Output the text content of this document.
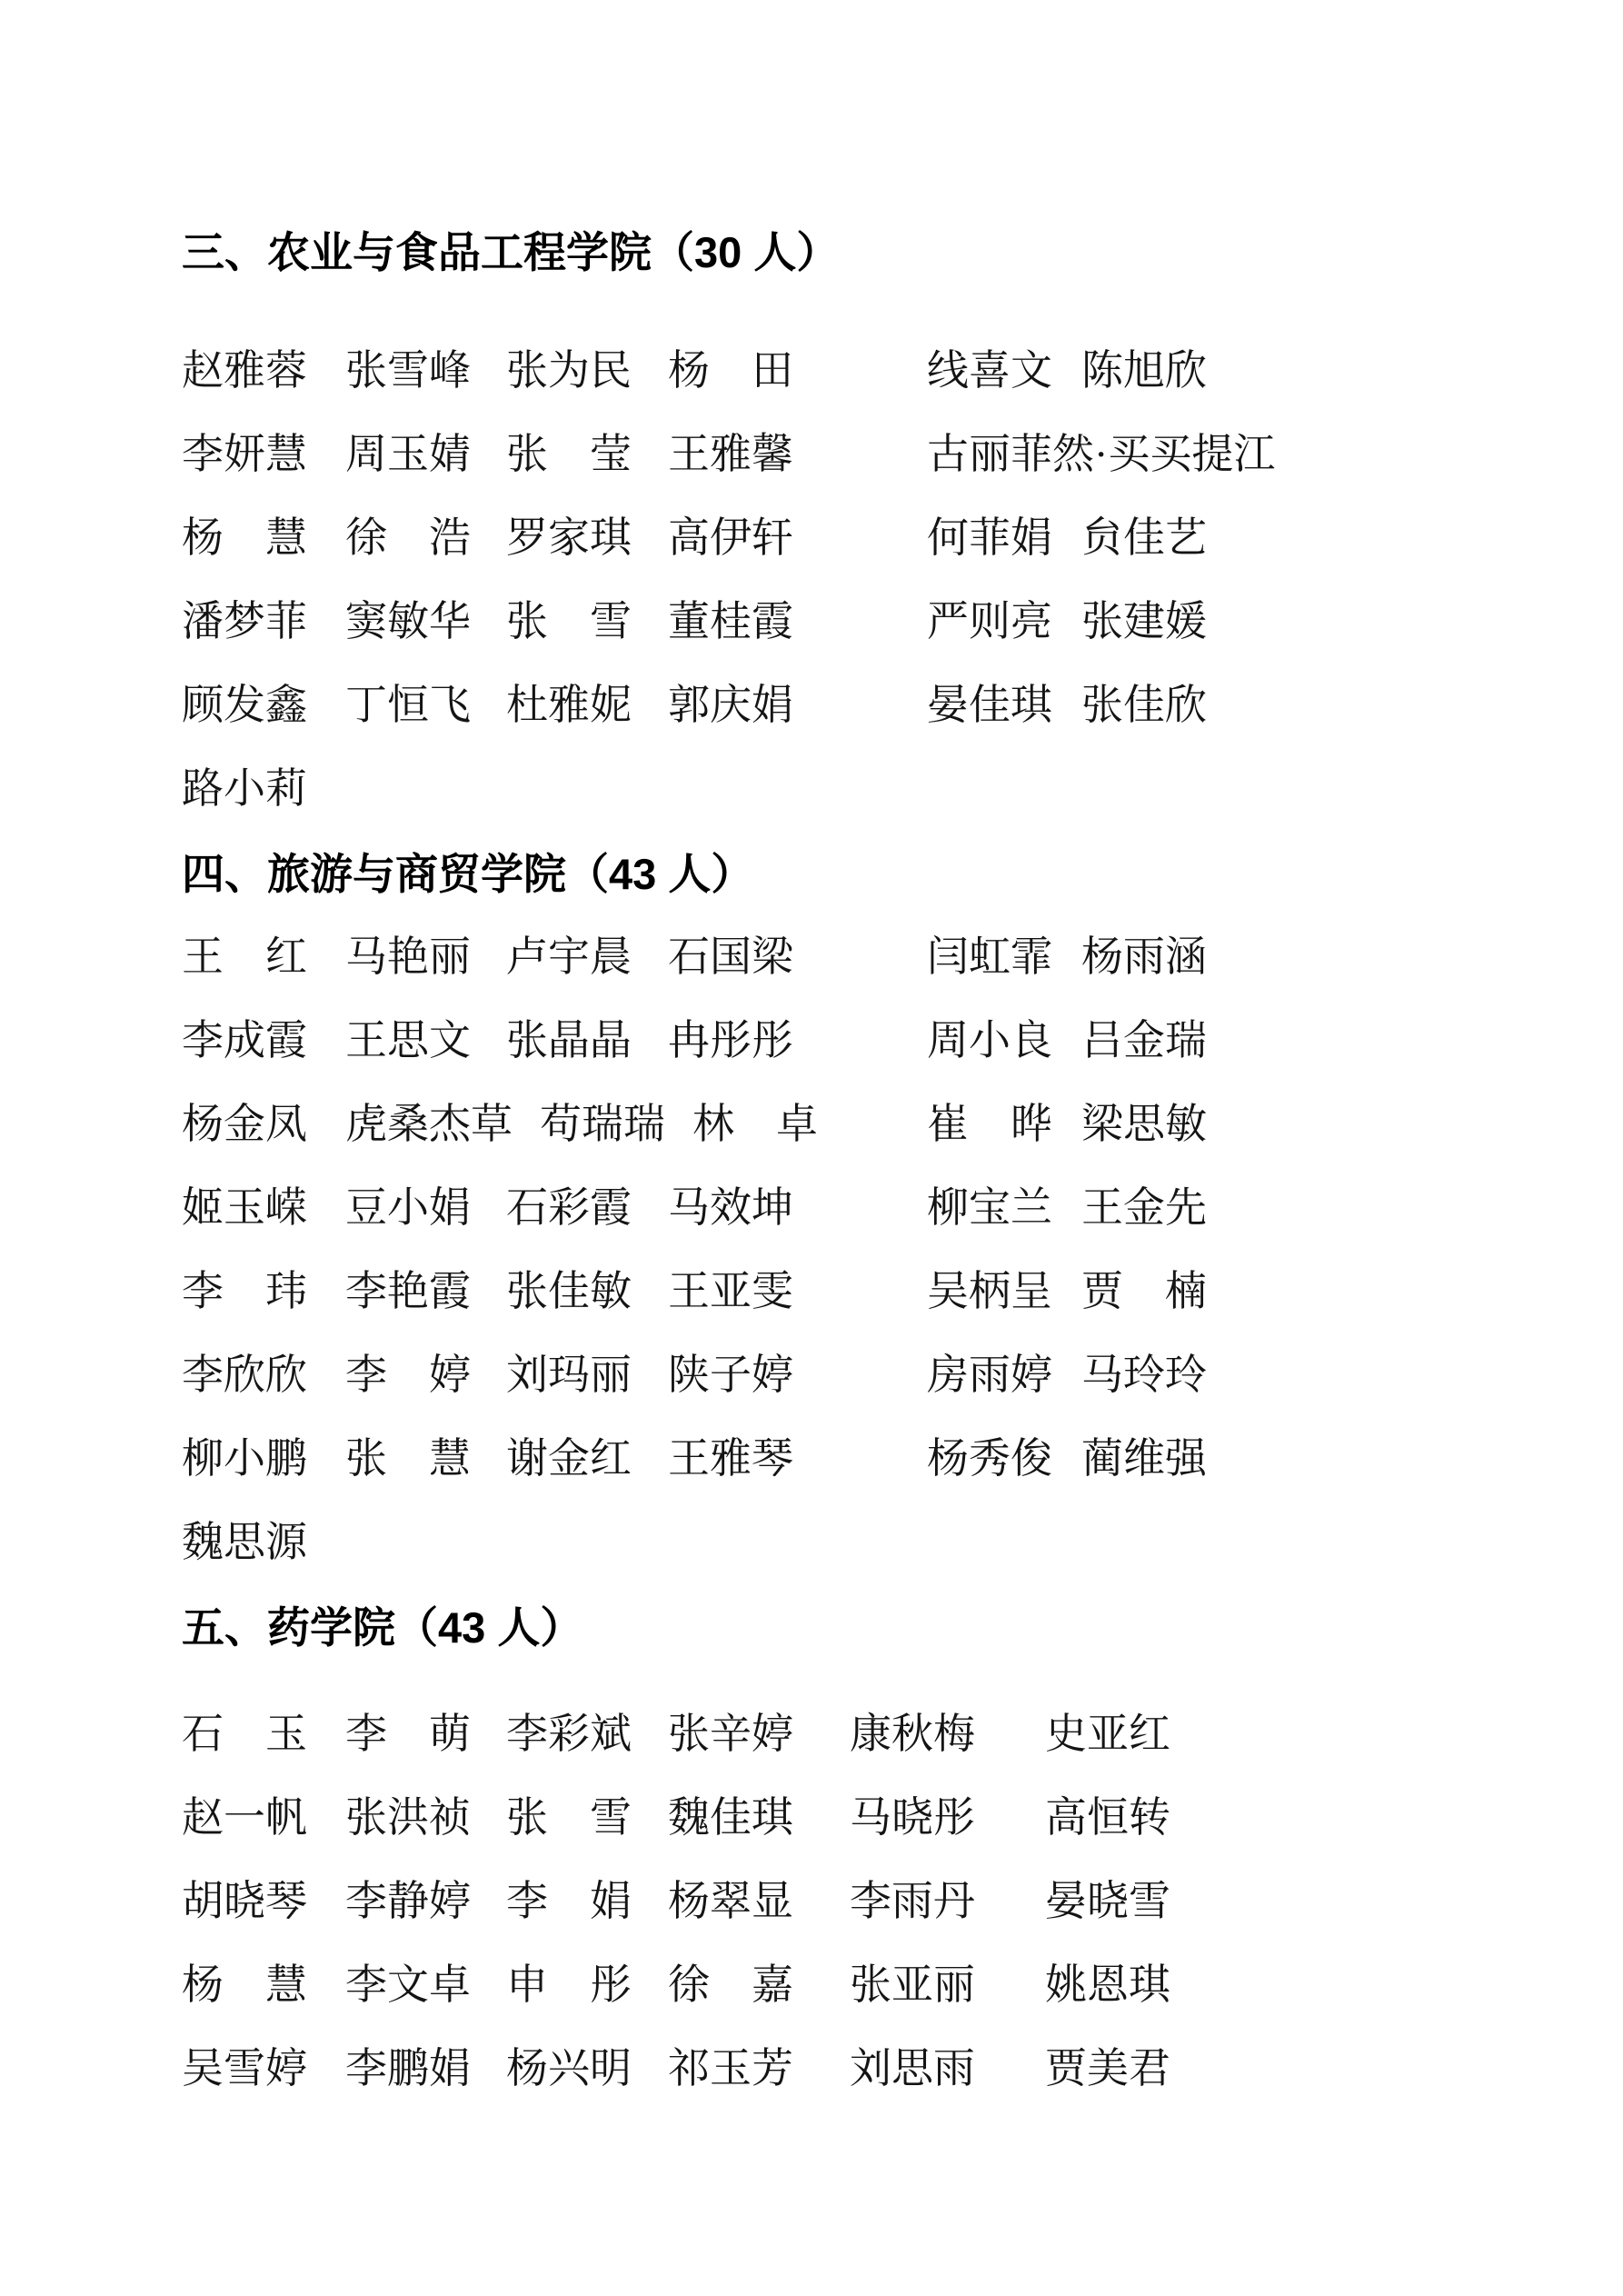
三、农业与食品工程学院（30 人）
赵雅蓉 张雪峰 张为民 杨　田	线喜文 陈旭欣
李妍慧 周玉婧 张　莹 王雅馨	古丽菲然·买买提江
杨　慧 徐　浩 罗家琪 高伊轩	何菲娟 贠佳艺
潘梦菲 窦敏华 张　雪 董桂霞	严则亮 张建媛
顾发鑫 丁恒飞 杜雅妮 郭庆娟	晏佳琪 张佳欣
路小莉
四、旅游与商贸学院（43 人）
王　红 马艳丽 卢宇晨 石国梁	闫虹霏 杨雨涵
李成霞 王思文 张晶晶 冉彤彤	周小良 吕金瑞
杨金凤 虎桑杰草 苟瑞瑞 林　卓	崔　晔 梁思敏
姬玉嵘 豆小娟 石彩霞 马效坤	柳宝兰 王金先
李　玮 李艳霞 张佳敏 王亚雯	吴柄呈 贾　楠
李欣欣 李　婷 刘玛丽 陕子婷	房雨婷 马玲玲
柳小鹏 张　慧 谢金红 王雅琴	杨秀俊 蔺维强
魏思源
五、药学院（43 人）
石　玉 李　萌 李彩斌 张辛婷 康秋梅 史亚红
赵一帆 张洪祯 张　雪 魏佳琪 马晓彤 高恒转
胡晓琴 李静婷 李　娟 杨翠显 李雨丹 晏晓雪
杨　慧 李文卓 申　彤 徐　嘉 张亚丽 姚恩琪
吴雪婷 李鹏娟 杨兴明 祁玉芳 刘思雨 贾美君
